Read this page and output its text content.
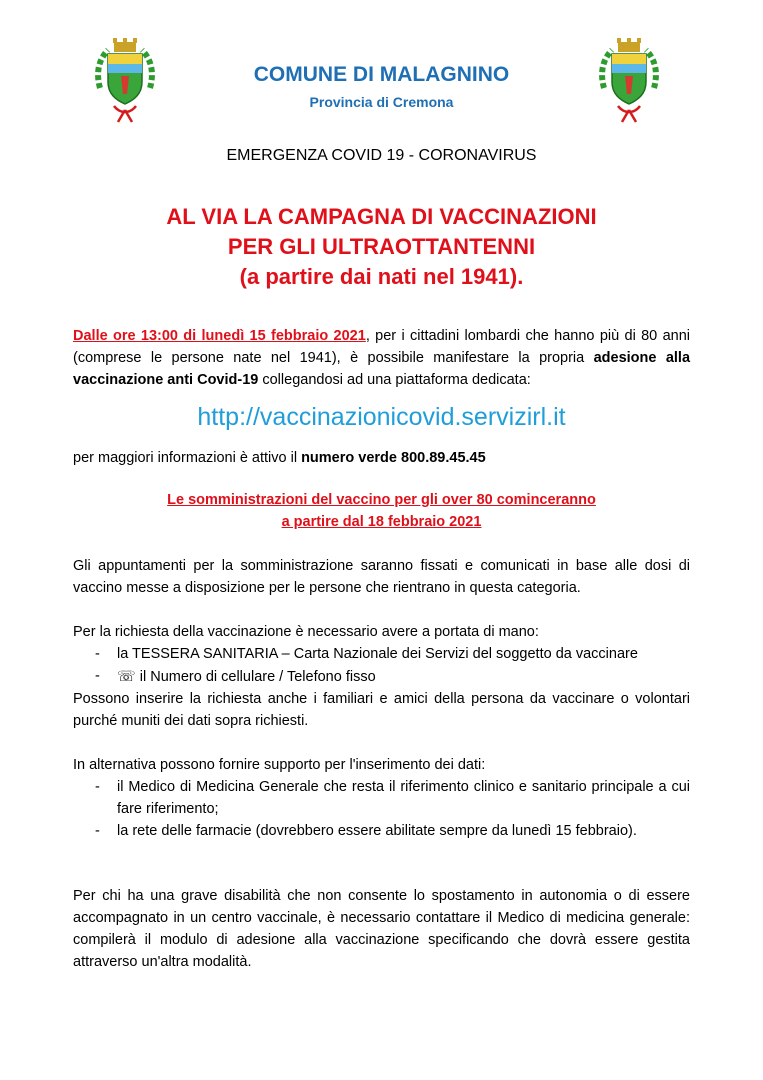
COMUNE DI MALAGNINO
Provincia di Cremona
EMERGENZA COVID 19 - CORONAVIRUS
AL VIA LA CAMPAGNA DI VACCINAZIONI
PER GLI ULTRAOTTANTENNI
(a partire dai nati nel 1941).
Dalle ore 13:00 di lunedì 15 febbraio 2021, per i cittadini lombardi che hanno più di 80 anni (comprese le persone nate nel 1941), è possibile manifestare la propria adesione alla vaccinazione anti Covid-19 collegandosi ad una piattaforma dedicata:
http://vaccinazionicovid.servizirl.it
per maggiori informazioni è attivo il numero verde 800.89.45.45
Le somministrazioni del vaccino per gli over 80 cominceranno
a partire dal 18 febbraio 2021
Gli appuntamenti per la somministrazione saranno fissati e comunicati in base alle dosi di vaccino messe a disposizione per le persone che rientrano in questa categoria.
Per la richiesta della vaccinazione è necessario avere a portata di mano:
- la TESSERA SANITARIA – Carta Nazionale dei Servizi del soggetto da vaccinare
- ☏ il Numero di cellulare / Telefono fisso
Possono inserire la richiesta anche i familiari e amici della persona da vaccinare o volontari purché muniti dei dati sopra richiesti.
In alternativa possono fornire supporto per l'inserimento dei dati:
- il Medico di Medicina Generale che resta il riferimento clinico e sanitario principale a cui fare riferimento;
- la rete delle farmacie (dovrebbero essere abilitate sempre da lunedì 15 febbraio).
Per chi ha una grave disabilità che non consente lo spostamento in autonomia o di essere accompagnato in un centro vaccinale, è necessario contattare il Medico di medicina generale: compilerà il modulo di adesione alla vaccinazione specificando che dovrà essere gestita attraverso un'altra modalità.
